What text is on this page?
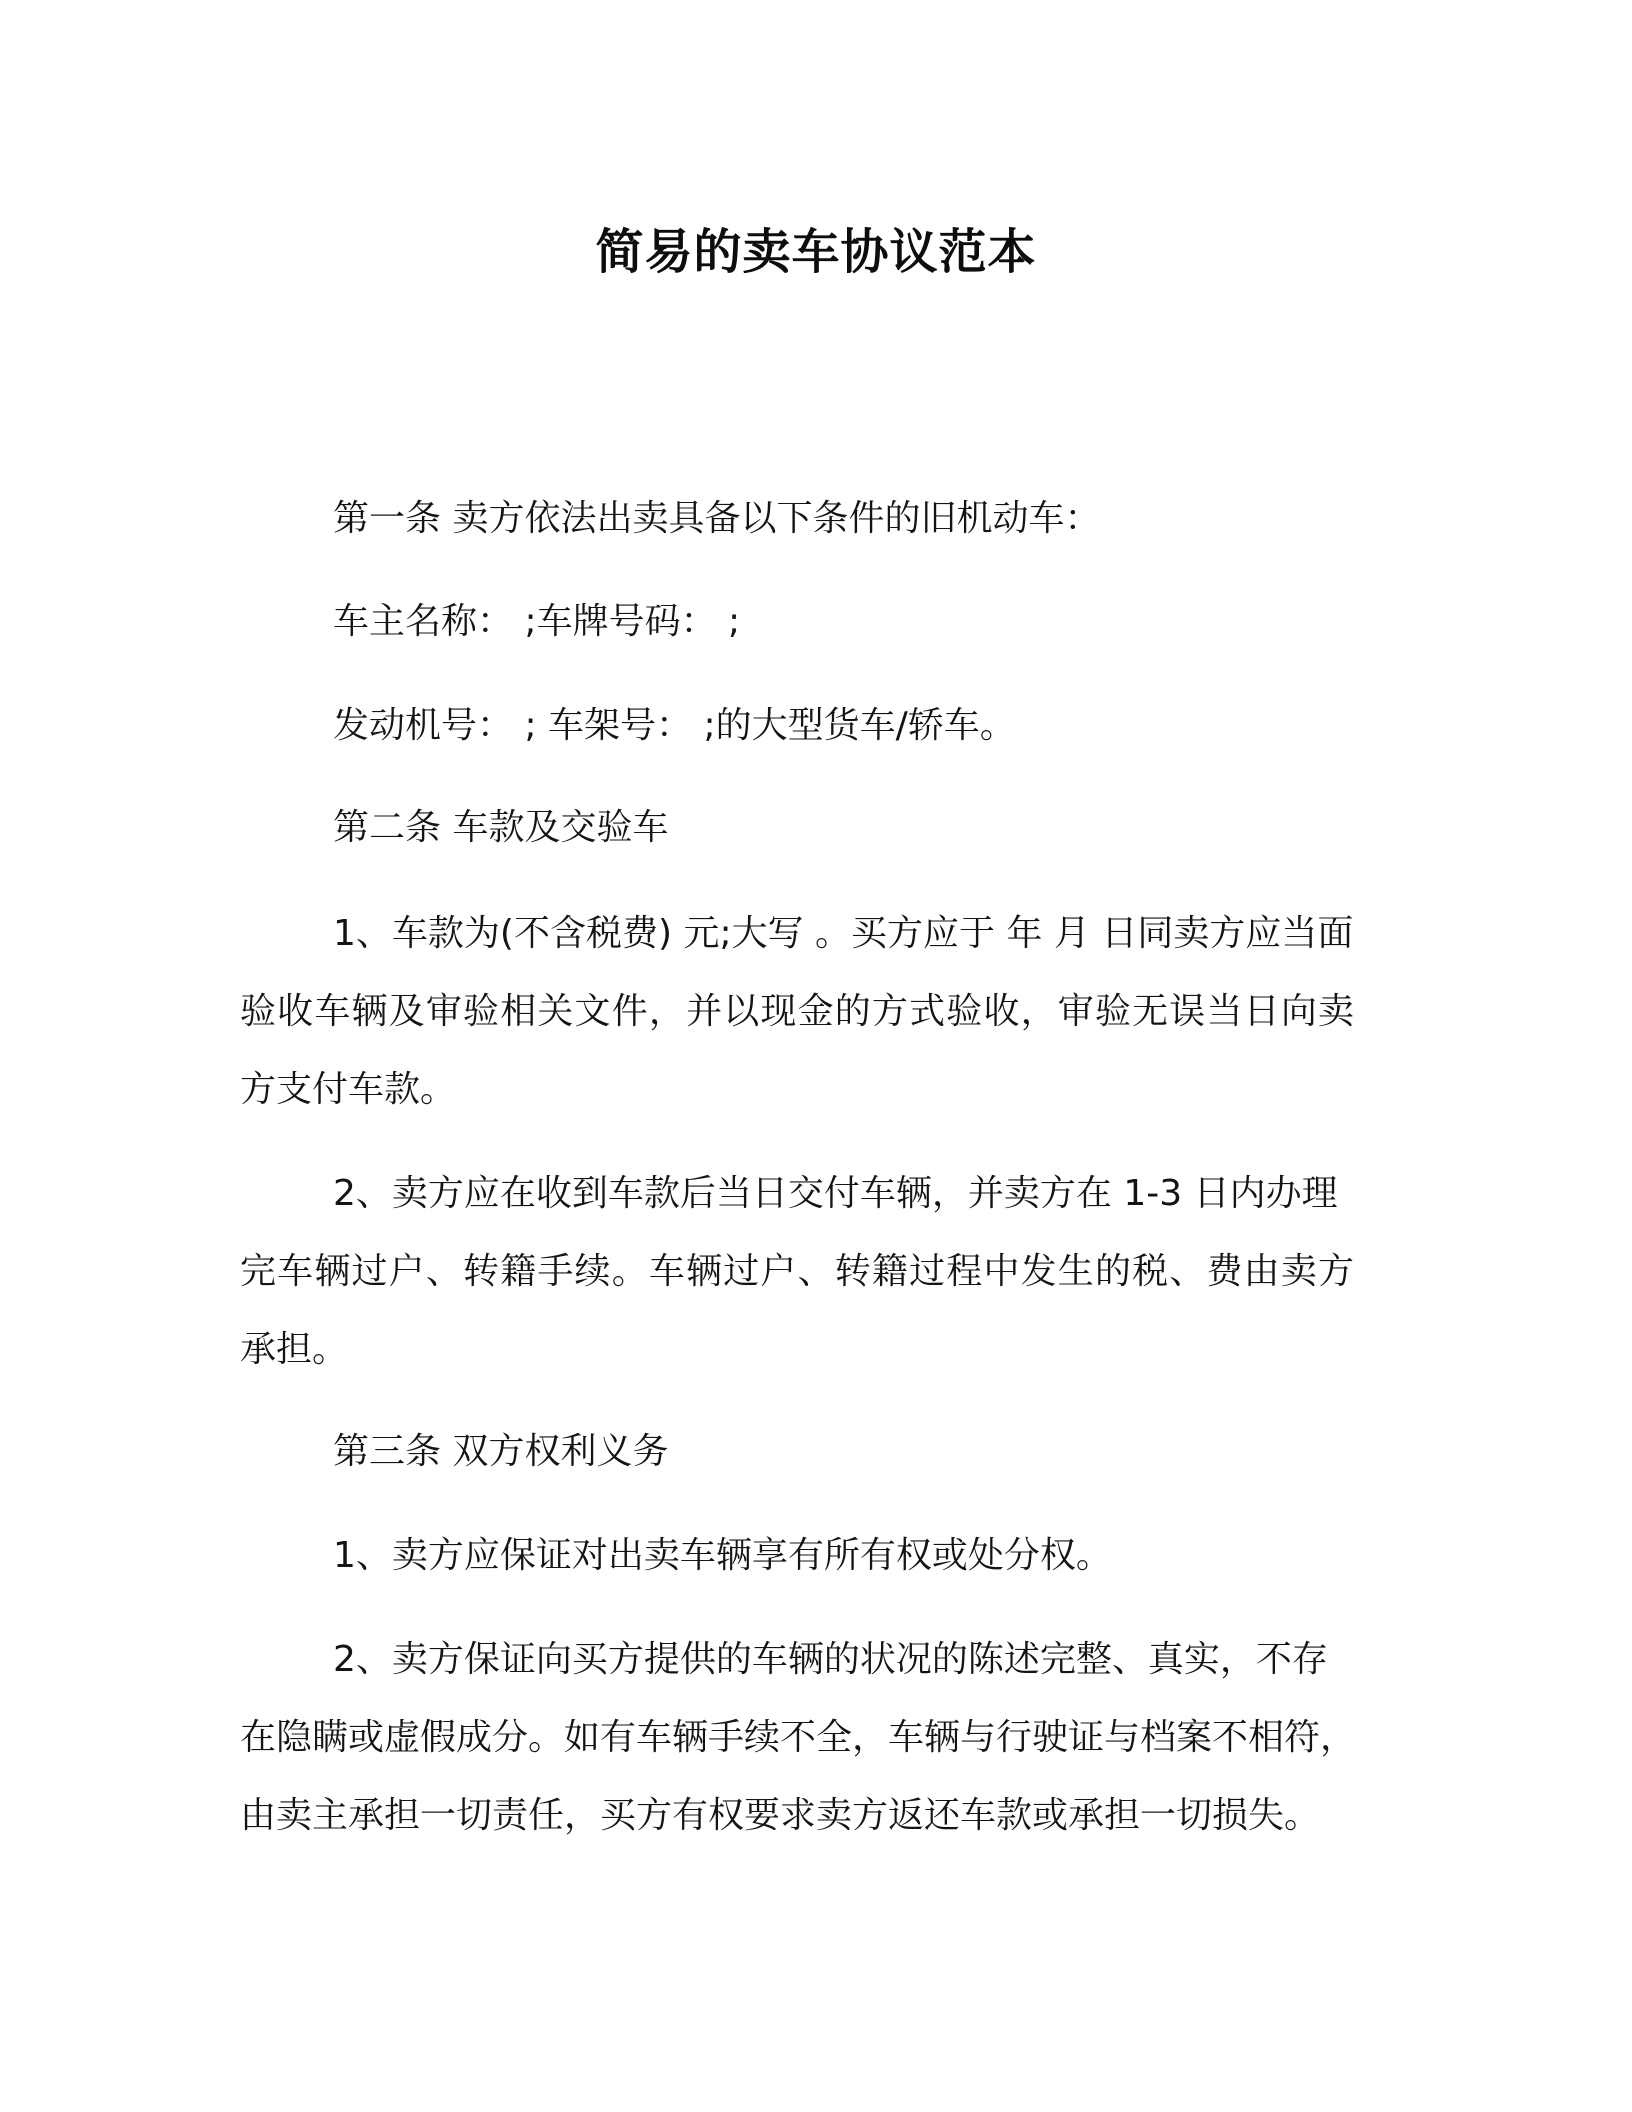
简易的卖车协议范本
第一条 卖方依法出卖具备以下条件的旧机动车：
车主名称： ;车牌号码： ;
发动机号： ; 车架号： ;的大型货车/轿车。
第二条 车款及交验车
1、车款为(不含税费) 元;大写 。买方应于 年 月 日同卖方应当面
验收车辆及审验相关文件，并以现金的方式验收，审验无误当日向卖
方支付车款。
2、卖方应在收到车款后当日交付车辆，并卖方在 1-3 日内办理
完车辆过户、转籍手续。车辆过户、转籍过程中发生的税、费由卖方
承担。
第三条 双方权利义务
1、卖方应保证对出卖车辆享有所有权或处分权。
2、卖方保证向买方提供的车辆的状况的陈述完整、真实，不存
在隐瞒或虚假成分。如有车辆手续不全，车辆与行驶证与档案不相符，
由卖主承担一切责任，买方有权要求卖方返还车款或承担一切损失。
